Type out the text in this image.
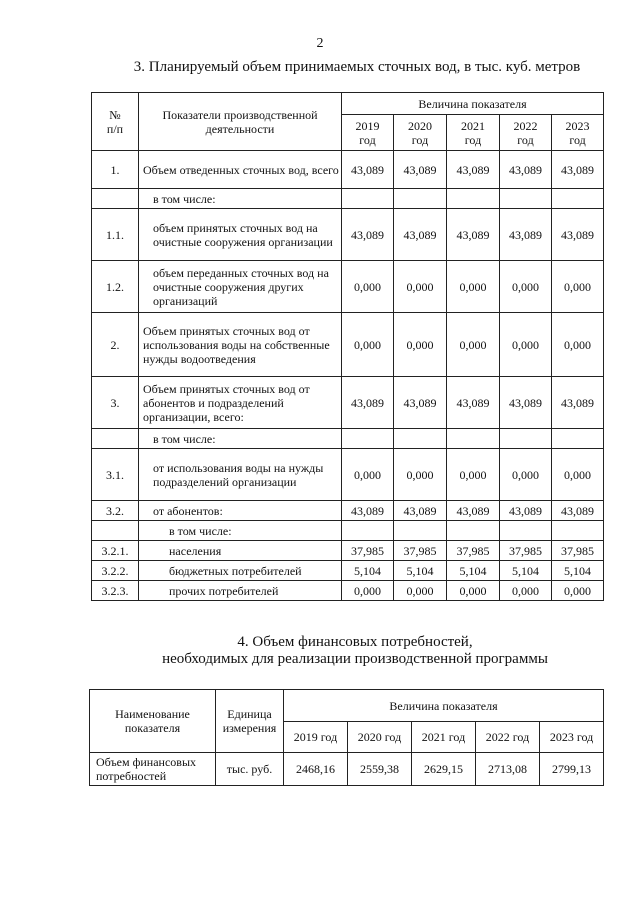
2
3. Планируемый объем принимаемых сточных вод, в тыс. куб. метров
№ п/п	Показатели производственной деятельности	Величина показателя				
		2019 год	2020 год	2021 год	2022 год	2023 год
1.	Объем отведенных сточных вод, всего	43,089	43,089	43,089	43,089	43,089
	в том числе:					
1.1.	объем принятых сточных вод на очистные сооружения организации	43,089	43,089	43,089	43,089	43,089
1.2.	объем переданных сточных вод на очистные сооружения других организаций	0,000	0,000	0,000	0,000	0,000
2.	Объем принятых сточных вод от использования воды на собственные нужды водоотведения	0,000	0,000	0,000	0,000	0,000
3.	Объем принятых сточных вод от абонентов и подразделений организации, всего:	43,089	43,089	43,089	43,089	43,089
	в том числе:					
3.1.	от использования воды на нужды подразделений организации	0,000	0,000	0,000	0,000	0,000
3.2.	от абонентов:	43,089	43,089	43,089	43,089	43,089
	в том числе:					
3.2.1.	населения	37,985	37,985	37,985	37,985	37,985
3.2.2.	бюджетных потребителей	5,104	5,104	5,104	5,104	5,104
3.2.3.	прочих потребителей	0,000	0,000	0,000	0,000	0,000
4. Объем финансовых потребностей,
необходимых для реализации производственной программы
Наименование показателя	Единица измерения	Величина показателя				
		2019 год	2020 год	2021 год	2022 год	2023 год
Объем финансовых потребностей	тыс. руб.	2468,16	2559,38	2629,15	2713,08	2799,13
